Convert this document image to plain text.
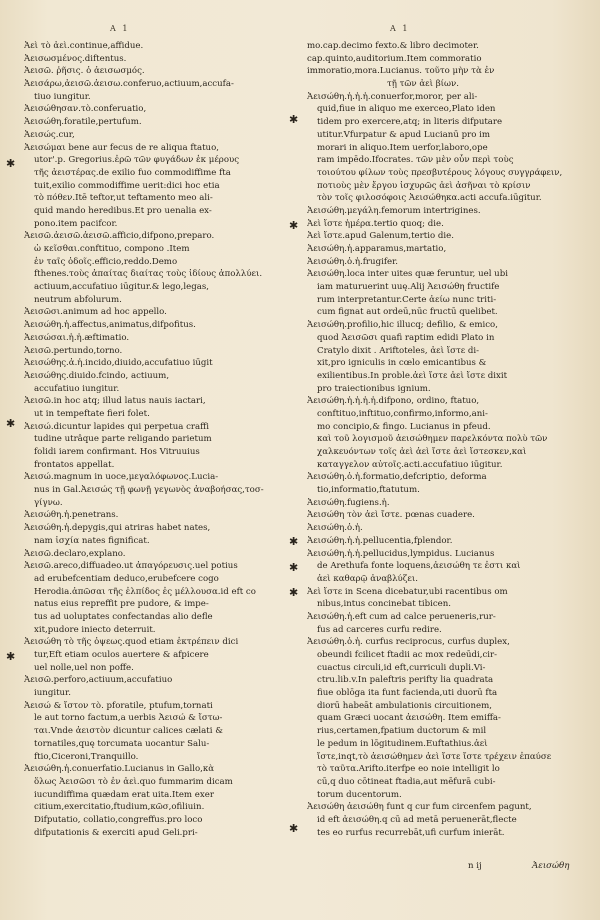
A 1	A 1
Ἀεὶ τὸ ἀεὶ.continue,affidue.
Ἀεισωσμένος.diftentus.
Ἀεισῶ. ῥῆσις. ὁ ἀεισωσμός.
Ἀεισάρω,ἀεισῶ.ἁεισω.conferuo,actiuum,accufa-
tiuo iungitur.
Ἀεισώθησαν.τὸ.conferuatio,
Ἀεισώθη.foratile,pertufum.
Ἀεισώς.cur,
Ἀεισώμαι bene aur fecus de re aliqua ftatuo,
utor'.p. Gregorius.ἐρῶ τῶν φυγάδων ἐκ μέρους
τῆς ἀειστέρας.de exilio fuo commodiffime fta
tuit,exilio commodiffime uerit:dici hoc etia
τὸ πόθεν.Itē teftor,ut teftamento meo ali-
quid mando heredibus.Et pro uenalia ex-
pono.item pacifcor.
Ἀεισῶ.ἀεισῶ.ἁεισῶ.afficio,difpono,preparo.
ὡ κεῖσθαι.conftituo, compono .Item
ἐν ταῖς ὁδοῖς.efficio,reddo.Demo
fthenes.τοὺς ἀπαίτας διαίτας τοὺς ἰδίους ἀπολλύει.
actiuum,accufatiuo iūgitur.& lego,legas,
neutrum abfolurum.
Ἀεισῶσι.animum ad hoc appello.
Ἀεισώθη.ἡ.affectus,animatus,difpofitus.
Ἀεισώσαι.ἡ.ἡ.æftimatio.
Ἀεισῶ.pertundo,torno.
Ἀεισώθης.ἁ.ἡ.incido,diuido,accufatiuo iūgit
Ἀεισώθης.diuido.fcindo, actiuum,
accufatiuo iungitur.
Ἀεισῶ.in hoc atq; illud latus nauis iactari,
ut in tempeftate fieri folet.
Ἀεισώ.dicuntur lapides qui perpetua craffi
tudine utrâque parte religando parietum
folidi iarem confirmant. Hos Vitruuius
frontatos appellat.
Ἀεισώ.magnum in uoce,μεγαλόφωνος.Lucia-
nus in Gal.Ἀεισώς τῇ φωνῇ γεγωνὸς ἀναβοήσας,τοσ-
γίγνω.
Ἀεισώθη.ἡ.penetrans.
Ἀεισώθη.ἡ.depygis,qui atriras habet nates,
nam ἰσχία nates fignificat.
Ἀεισῶ.declaro,explano.
Ἀεισῶ.areco,diffuadeo.ut ἀπαγόρευσις.uel potius
ad erubefcentiam deduco,erubefcere cogo
Herodia.ἀπῶσαι τῆς ἐλπίδος ἐς μέλλουσα.id eft co
natus eius repreffit pre pudore, & impe-
tus ad uoluptates confectandas alio defle
xit,pudore iniecto deterruit.
Ἀεισώθη τὸ τῆς ὀψεως.quod etiam ἐκτρέπειν dici
tur,Eft etiam oculos auertere & afpicere
uel nolle,uel non poffe.
Ἀεισῶ.perforo,actiuum,accufatiuo
iungitur.
Ἀεισώ & ἴστον τὸ. pforatile, ptufum,tornati
le aut torno factum,a uerbis Ἀεισώ & ἴστω-
ται.Vnde ἀειστὸν dicuntur calices cælati &
tornatiles,quę torcumata uocantur Salu-
ftio,Ciceroni,Tranquillo.
Ἀεισώθη.ἡ.conuerfatio.Lucianus in Gallo,κὰ
ὅλως Ἀεισῶσι τὸ ἐν ἀεὶ.quo fummarim dicam
iucundiffima quædam erat uita.Item exer
citium,exercitatio,ftudium,κῶσ,ofiliuin.
Difputatio, collatio,congreffus.pro loco
difputationis & exerciti apud Geli.pri-
mo.cap.decimo fexto.& libro decimoter.
cap.quinto,auditorium.Item commoratio
immoratio,mora.Lucianus. τοῦτο μὴν τὰ ἐν
τῇ τῶν ἀεὶ βίων.
Ἀεισώθη.ἡ.ἡ.ἡ.conuerfor,moror, per ali-
quid,fiue in aliquo me exerceo,Plato iden
tidem pro exercere,atq; in literis difputare
utitur.Vfurpatur & apud Lucianū pro im
morari in aliquo.Item uerfor,laboro,ope
ram impēdo.Ifocrates. τῶν μὲν οὖν περὶ τοὺς
τοιούτου φίλων τοὺς πρεσβυτέρους λόγους συγγράφειν,
ποτιοὺς μὲν ἔργου ἰσχυρῶς ἀεὶ ἀσῆναι τὸ κρίσιν
τὸν τοῖς φιλοσόφοις Ἀεισώθηκα.acti accufa.iūgitur.
Ἀεισώθη.μεγάλη.femorum intertrigines.
Ἀεὶ ἴστε ἡμέρα.tertio quoq; die.
Ἀεὶ ἴστε.apud Galenum,tertio die.
Ἀεισώθη.ἡ.apparamus,martatio,
Ἀεισώθη.ὁ.ἡ.frugifer.
Ἀεισώθη.loca inter uites quæ feruntur, uel ubi
iam maturuerint uuę.Alij Ἀεισώθη fructife
rum interpretantur.Certe ἀείω nunc triti-
cum fignat aut ordeū,nūc fructū quelibet.
Ἀεισώθη.profilio,hic illucq; defilio, & emico,
quod Ἀεισῶσι quafi raptim edidi Plato in
Cratylo dixit . Ariftoteles, ἀεὶ ἴστε di-
xit,pro igniculis in cœlo emicantibus &
exilientibus.In proble.ἀεὶ ἴστε ἀεὶ ἴστε dixit
pro traiectionibus ignium.
Ἀεισώθη.ἡ.ἡ.ἡ.ἡ.difpono, ordino, ftatuo,
conftituo,inftituo,confirmo,informo,ani-
mo concipio,& fingo. Lucianus in pfeud.
καὶ τοῦ λογισμοῦ ἀεισώθημεν παρελκόντα πολὺ τῶν
χαλκευόντων τοῖς ἀεὶ ἀεὶ ἴστε ἀεὶ ἴστεσκεν,καὶ
καταγγελον αὐτοῖς.acti.accufatiuo iūgitur.
Ἀεισώθη.ὁ.ἡ.formatio,defcriptio, deforma
tio,informatio,ftatutum.
Ἀεισώθη.fugiens.ἡ.
Ἀεισώθη τὸν ἀεὶ ἴστε. pœnas cuadere.
Ἀεισώθη.ὁ.ἡ.
Ἀεισώθη.ἡ.ἡ.pellucentia,fplendor.
Ἀεισώθη.ἡ.ἡ.pellucidus,lympidus. Lucianus
de Arethufa fonte loquens,ἀεισώθη τε ἐστι καὶ
ἀεὶ καθαρῷ ἀναβλύζει.
Ἀεὶ ἴστε in Scena dicebatur,ubi racentibus om
nibus,intus concinebat tibicen.
Ἀεισώθη.ἡ.eft cum ad calce perueneris,rur-
fus ad carceres curfu redire.
Ἀεισώθη.ὁ.ἡ. curfus reciprocus, curfus duplex,
obeundi fcilicet ftadii ac mox redeūdi,cir-
cuactus circuli,id eft,curriculi dupli.Vi-
ctru.lib.v.In paleftris perifty lia quadrata
fiue oblōga ita funt facienda,uti duorū fta
diorū habeāt ambulationis circuitionem,
quam Græci uocant ἀεισώθη. Item emiffa-
rius,certamen,fpatium ductorum & mil
le pedum in lōgitudinem.Euftathius.ἀεὶ
ἴστε,inqt,τὸ ἀεισώθημεν ἀεὶ ἴστε ἴστε τρέχειν ἐπαύσε
τὸ ταῦτα.Arifto.iterfpe eo noie intelligit lo
cū,q duo cōtineat ftadia,aut mēfurā cubi-
torum ducentorum.
Ἀεισώθη ἀεισώθη funt q cur fum circenfem pagunt,
id eft ἀεισώθη.q cū ad metā peruenerāt,flecte
tes eo rurfus recurrebāt,ufi curfum inierāt.
✱
✱
✱
✱
✱
✱
✱
✱
✱
n ij	Ἀεισώθη
